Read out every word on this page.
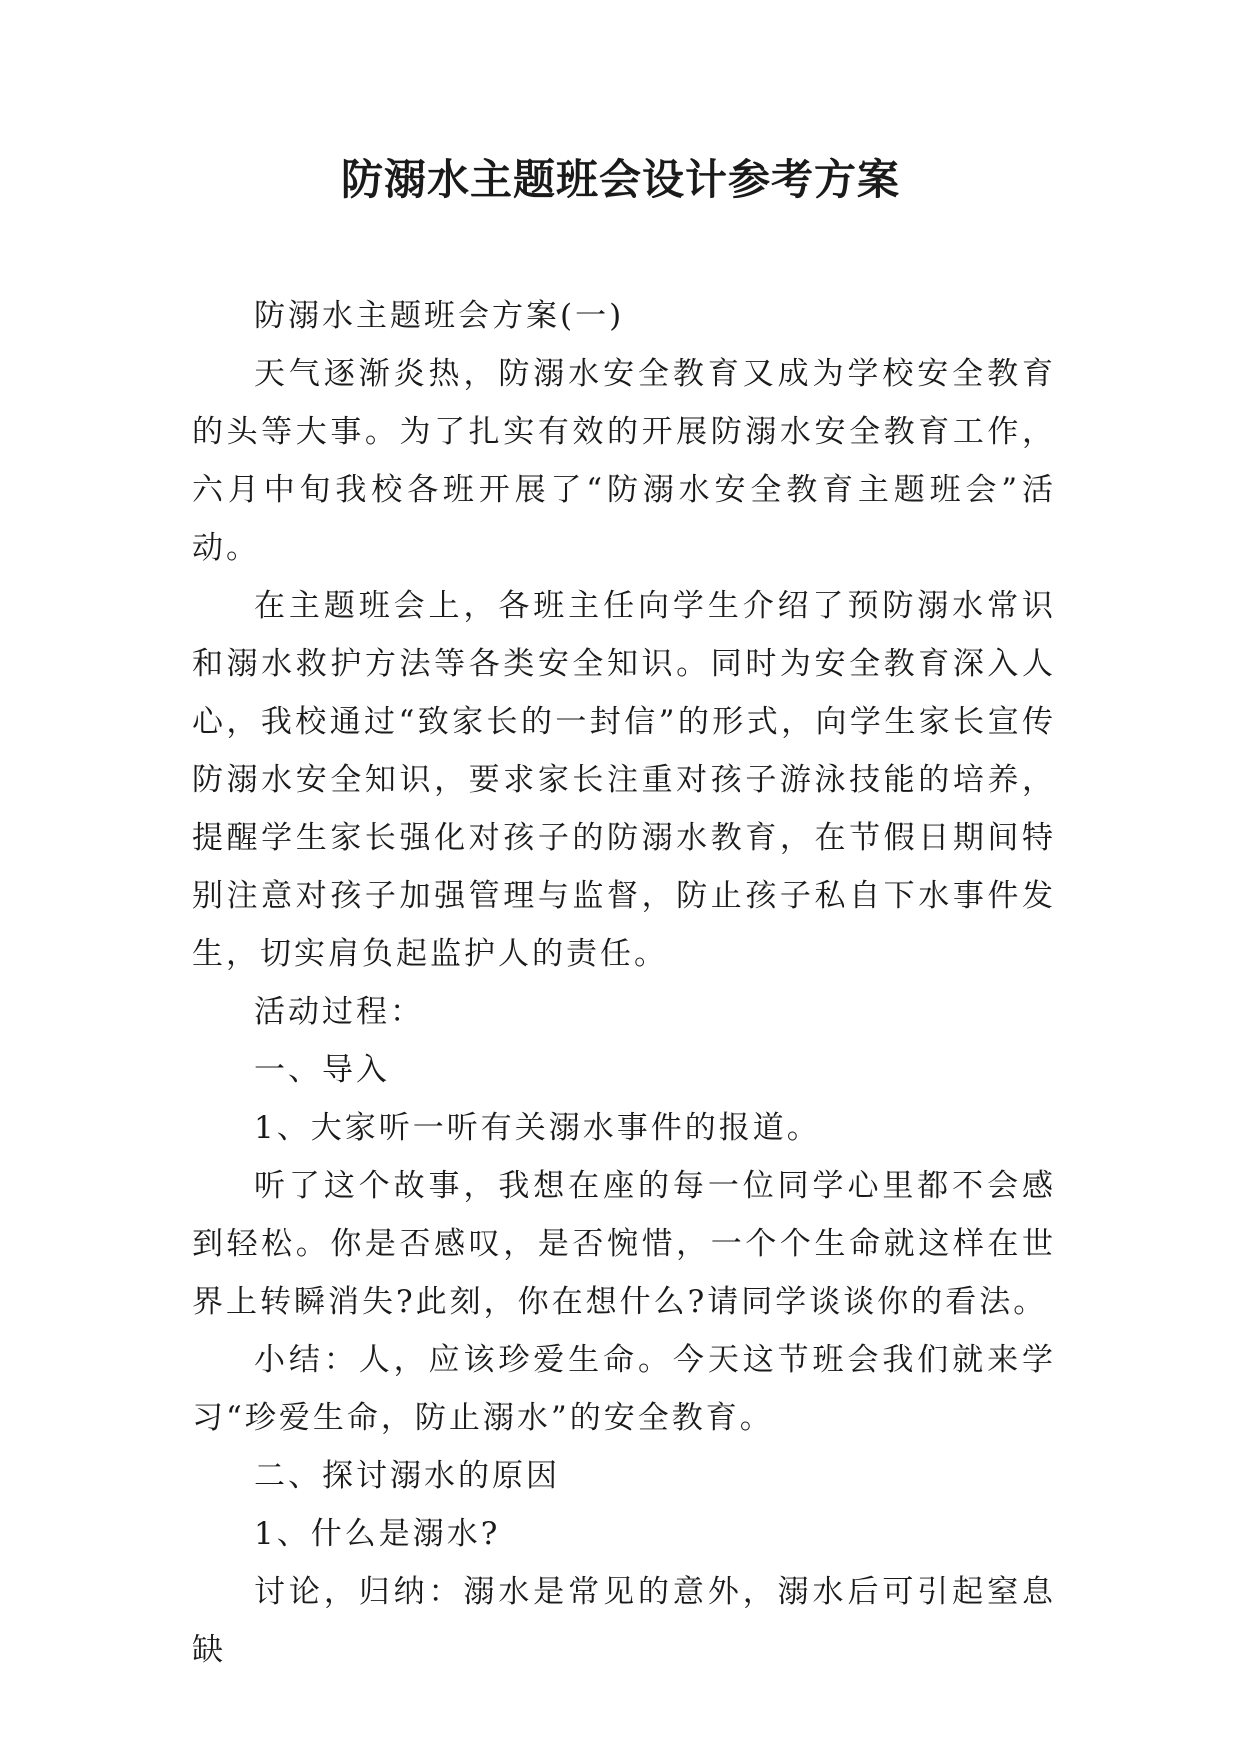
防溺水主题班会设计参考方案

防溺水主题班会方案(一)

天气逐渐炎热，防溺水安全教育又成为学校安全教育的头等大事。为了扎实有效的开展防溺水安全教育工作，六月中旬我校各班开展了“防溺水安全教育主题班会”活动。

在主题班会上，各班主任向学生介绍了预防溺水常识和溺水救护方法等各类安全知识。同时为安全教育深入人心，我校通过“致家长的一封信”的形式，向学生家长宣传防溺水安全知识，要求家长注重对孩子游泳技能的培养，提醒学生家长强化对孩子的防溺水教育，在节假日期间特别注意对孩子加强管理与监督，防止孩子私自下水事件发生，切实肩负起监护人的责任。

活动过程：

一、导入

1、大家听一听有关溺水事件的报道。

听了这个故事，我想在座的每一位同学心里都不会感到轻松。你是否感叹，是否惋惜，一个个生命就这样在世界上转瞬消失?此刻，你在想什么?请同学谈谈你的看法。

小结：人，应该珍爱生命。今天这节班会我们就来学习“珍爱生命，防止溺水”的安全教育。

二、探讨溺水的原因

1、什么是溺水?

讨论，归纳：溺水是常见的意外，溺水后可引起窒息缺
